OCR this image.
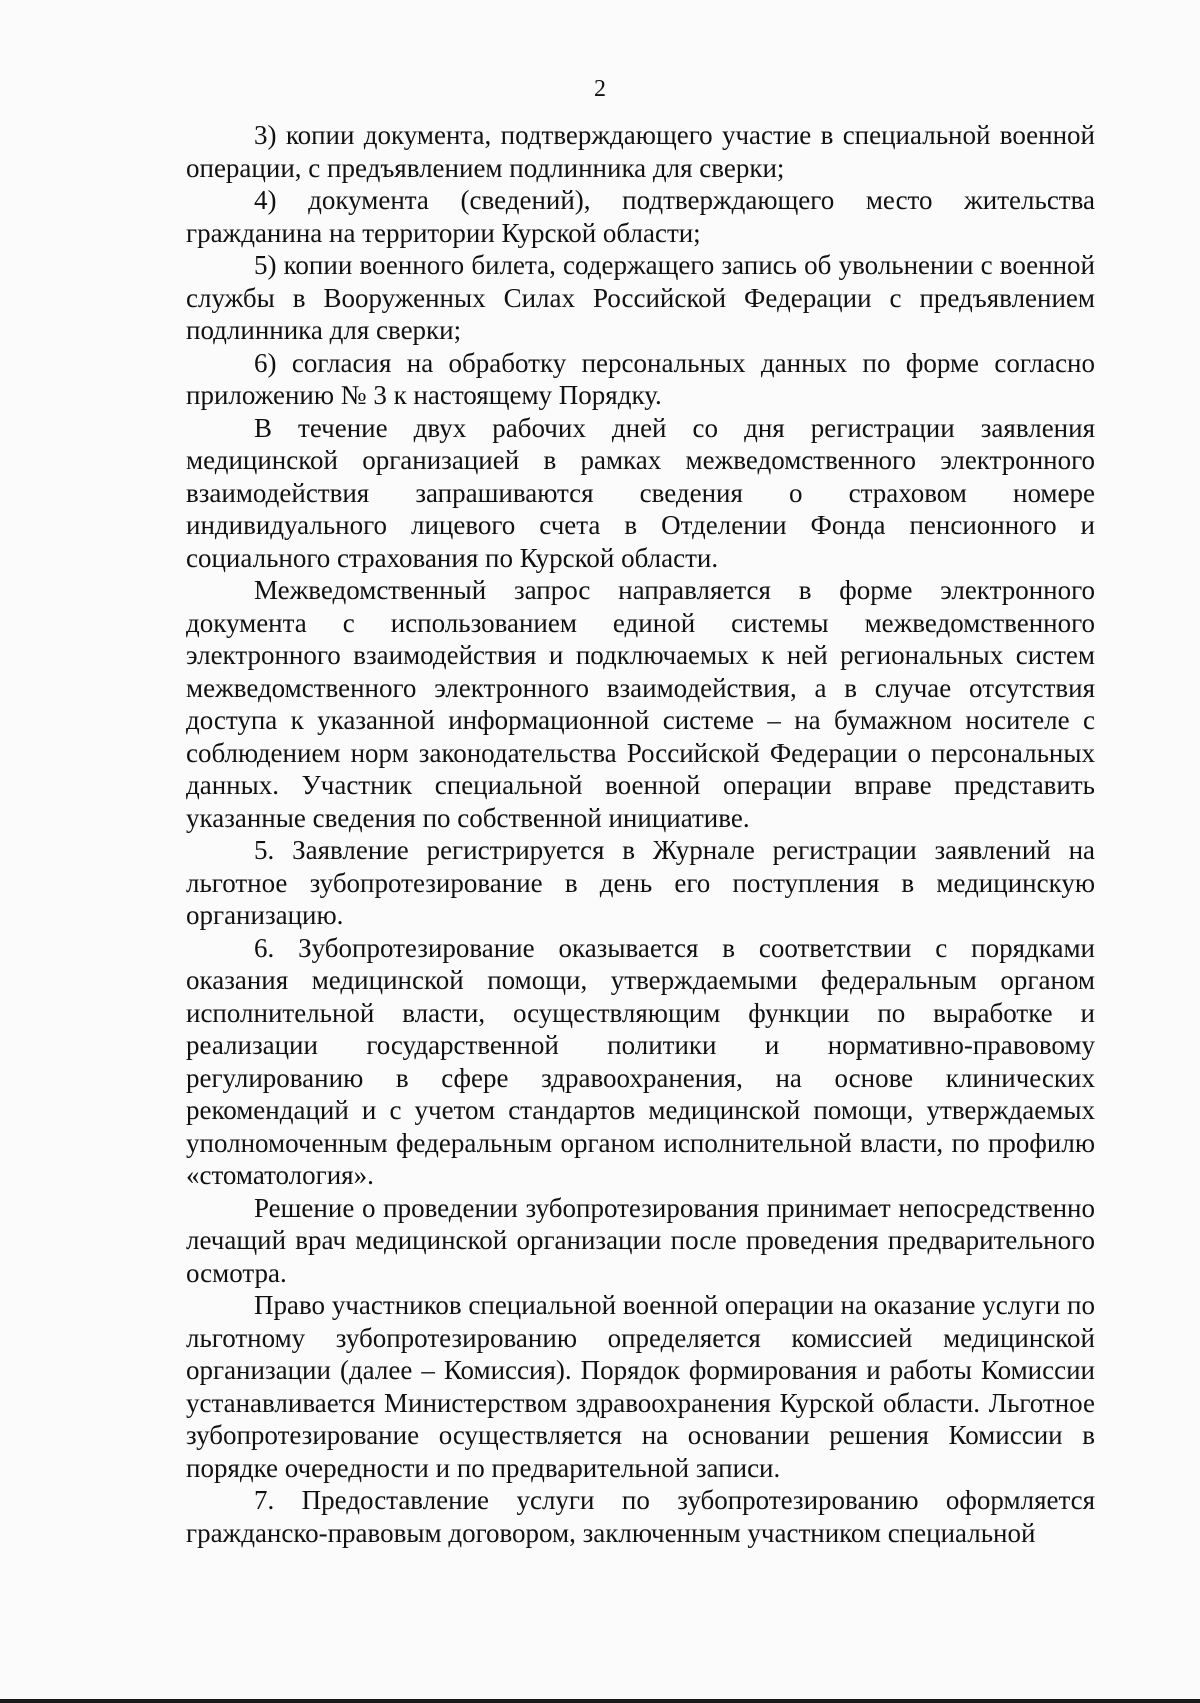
2

3) копии документа, подтверждающего участие в специальной военной операции, с предъявлением подлинника для сверки;

4) документа (сведений), подтверждающего место жительства гражданина на территории Курской области;

5) копии военного билета, содержащего запись об увольнении с военной службы в Вооруженных Силах Российской Федерации с предъявлением подлинника для сверки;

6) согласия на обработку персональных данных по форме согласно приложению № 3 к настоящему Порядку.

В течение двух рабочих дней со дня регистрации заявления медицинской организацией в рамках межведомственного электронного взаимодействия запрашиваются сведения о страховом номере индивидуального лицевого счета в Отделении Фонда пенсионного и социального страхования по Курской области.

Межведомственный запрос направляется в форме электронного документа с использованием единой системы межведомственного электронного взаимодействия и подключаемых к ней региональных систем межведомственного электронного взаимодействия, а в случае отсутствия доступа к указанной информационной системе – на бумажном носителе с соблюдением норм законодательства Российской Федерации о персональных данных. Участник специальной военной операции вправе представить указанные сведения по собственной инициативе.

5. Заявление регистрируется в Журнале регистрации заявлений на льготное зубопротезирование в день его поступления в медицинскую организацию.

6. Зубопротезирование оказывается в соответствии с порядками оказания медицинской помощи, утверждаемыми федеральным органом исполнительной власти, осуществляющим функции по выработке и реализации государственной политики и нормативно-правовому регулированию в сфере здравоохранения, на основе клинических рекомендаций и с учетом стандартов медицинской помощи, утверждаемых уполномоченным федеральным органом исполнительной власти, по профилю «стоматология».

Решение о проведении зубопротезирования принимает непосредственно лечащий врач медицинской организации после проведения предварительного осмотра.

Право участников специальной военной операции на оказание услуги по льготному зубопротезированию определяется комиссией медицинской организации (далее – Комиссия). Порядок формирования и работы Комиссии устанавливается Министерством здравоохранения Курской области. Льготное зубопротезирование осуществляется на основании решения Комиссии в порядке очередности и по предварительной записи.

7. Предоставление услуги по зубопротезированию оформляется гражданско-правовым договором, заключенным участником специальной
